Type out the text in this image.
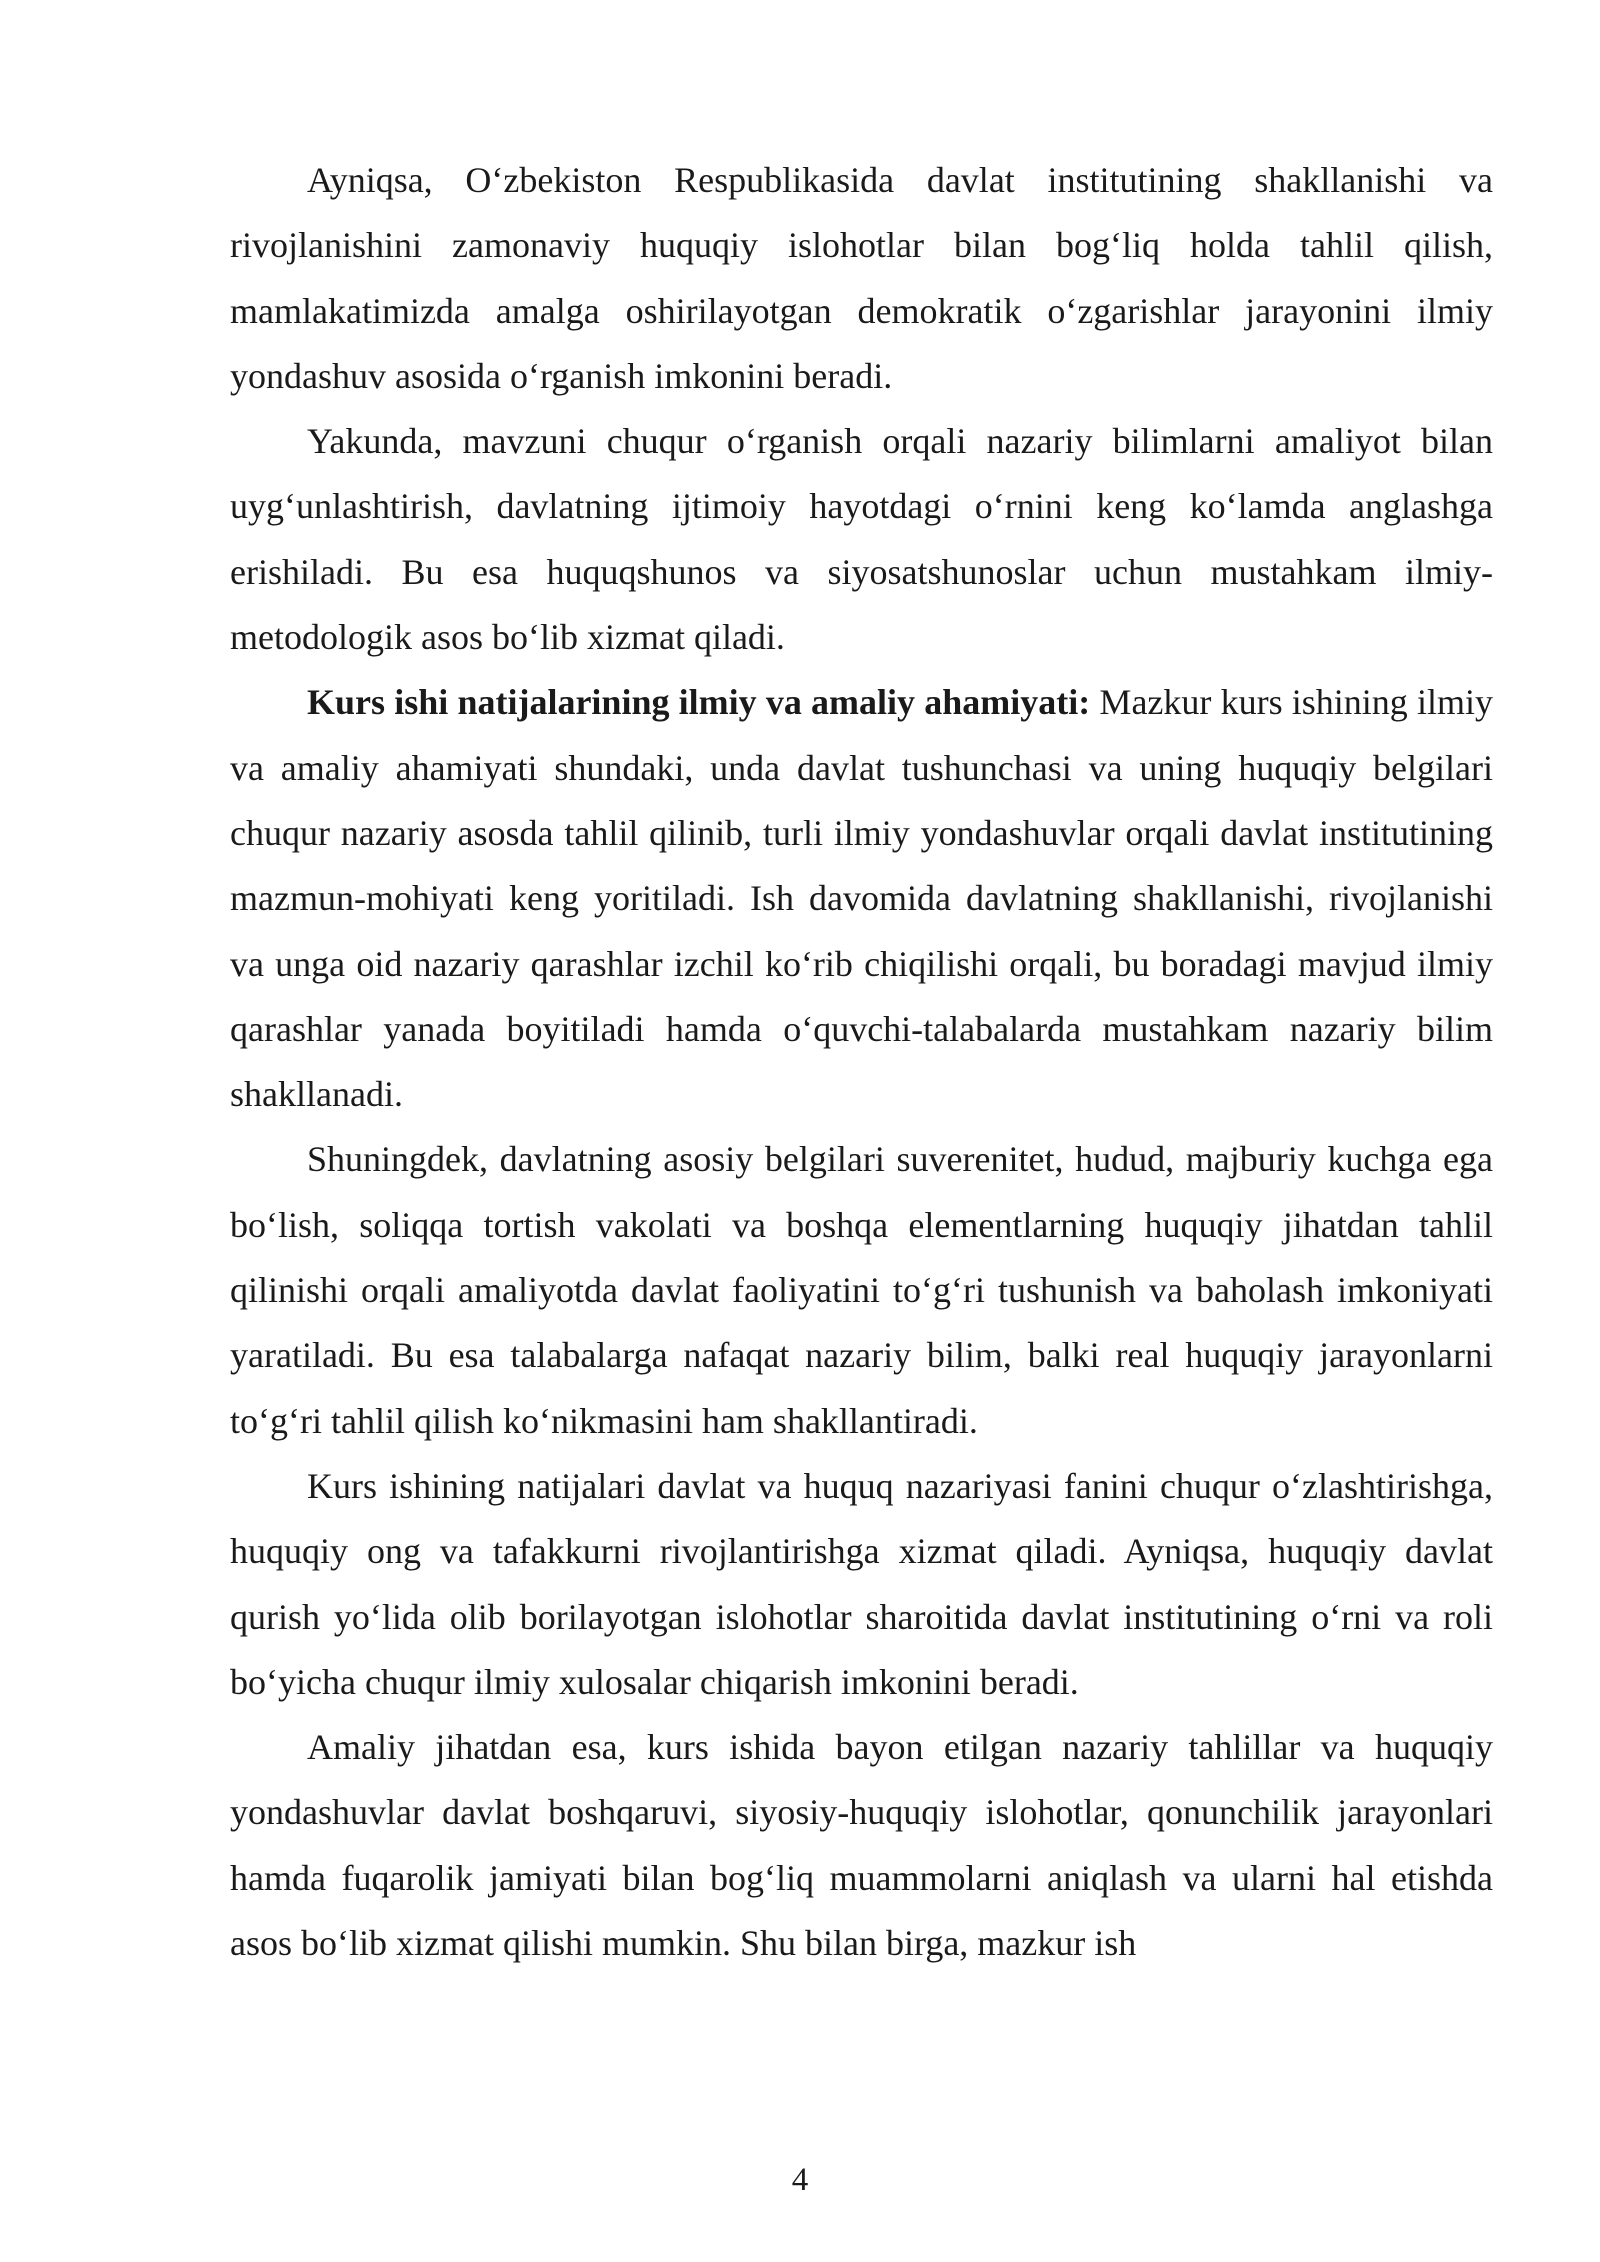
Ayniqsa, O‘zbekiston Respublikasida davlat institutining shakllanishi va rivojlanishini zamonaviy huquqiy islohotlar bilan bog‘liq holda tahlil qilish, mamlakatimizda amalga oshirilayotgan demokratik o‘zgarishlar jarayonini ilmiy yondashuv asosida o‘rganish imkonini beradi.

Yakunda, mavzuni chuqur o‘rganish orqali nazariy bilimlarni amaliyot bilan uyg‘unlashtirish, davlatning ijtimoiy hayotdagi o‘rnini keng ko‘lamda anglashga erishiladi. Bu esa huquqshunos va siyosatshunoslar uchun mustahkam ilmiy-metodologik asos bo‘lib xizmat qiladi.

Kurs ishi natijalarining ilmiy va amaliy ahamiyati: Mazkur kurs ishining ilmiy va amaliy ahamiyati shundaki, unda davlat tushunchasi va uning huquqiy belgilari chuqur nazariy asosda tahlil qilinib, turli ilmiy yondashuvlar orqali davlat institutining mazmun-mohiyati keng yoritiladi. Ish davomida davlatning shakllanishi, rivojlanishi va unga oid nazariy qarashlar izchil ko‘rib chiqilishi orqali, bu boradagi mavjud ilmiy qarashlar yanada boyitiladi hamda o‘quvchi-talabalarda mustahkam nazariy bilim shakllanadi.

Shuningdek, davlatning asosiy belgilari suverenitet, hudud, majburiy kuchga ega bo‘lish, soliqqa tortish vakolati va boshqa elementlarning huquqiy jihatdan tahlil qilinishi orqali amaliyotda davlat faoliyatini to‘g‘ri tushunish va baholash imkoniyati yaratiladi. Bu esa talabalarga nafaqat nazariy bilim, balki real huquqiy jarayonlarni to‘g‘ri tahlil qilish ko‘nikmasini ham shakllantiradi.

Kurs ishining natijalari davlat va huquq nazariyasi fanini chuqur o‘zlashtirishga, huquqiy ong va tafakkurni rivojlantirishga xizmat qiladi. Ayniqsa, huquqiy davlat qurish yo‘lida olib borilayotgan islohotlar sharoitida davlat institutining o‘rni va roli bo‘yicha chuqur ilmiy xulosalar chiqarish imkonini beradi.

Amaliy jihatdan esa, kurs ishida bayon etilgan nazariy tahlillar va huquqiy yondashuvlar davlat boshqaruvi, siyosiy-huquqiy islohotlar, qonunchilik jarayonlari hamda fuqarolik jamiyati bilan bog‘liq muammolarni aniqlash va ularni hal etishda asos bo‘lib xizmat qilishi mumkin. Shu bilan birga, mazkur ish

4
